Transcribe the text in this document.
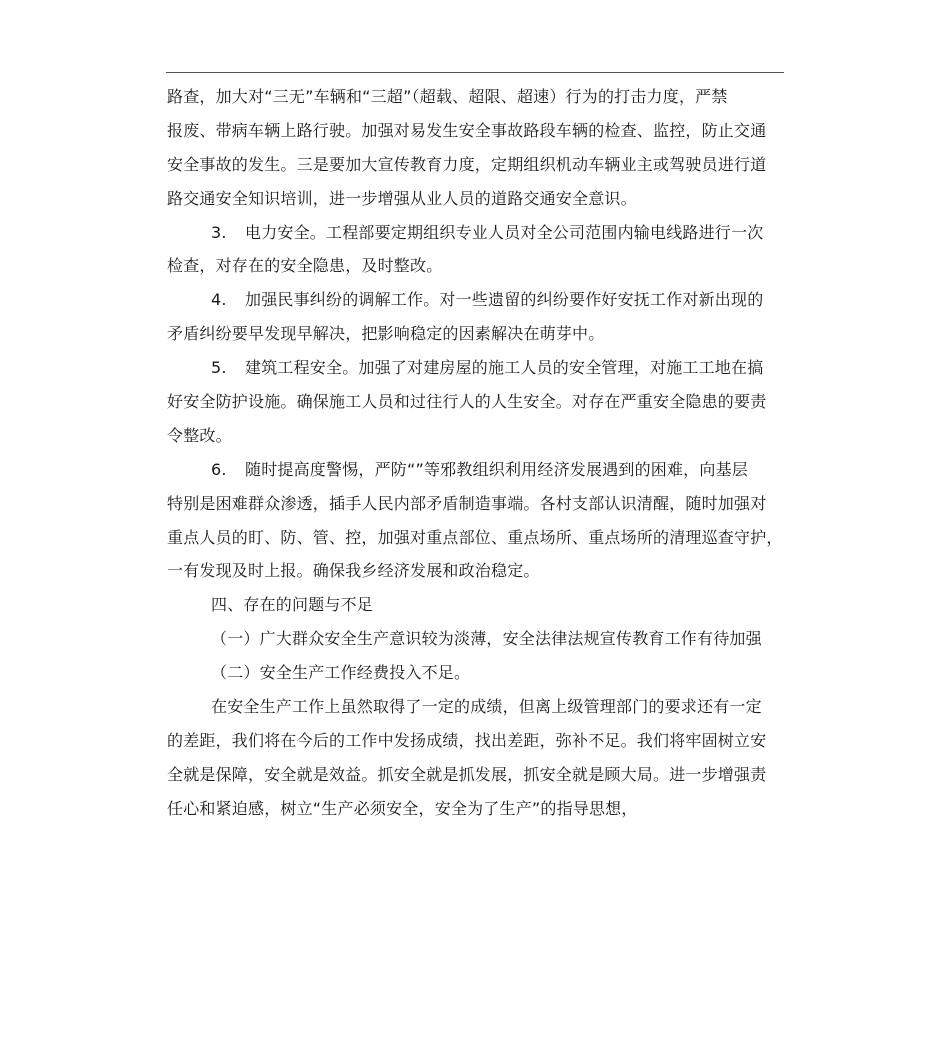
路查，加大对“三无”车辆和“三超”（超载、超限、超速）行为的打击力度，严禁
报废、带病车辆上路行驶。加强对易发生安全事故路段车辆的检查、监控，防止交通
安全事故的发生。三是要加大宣传教育力度，定期组织机动车辆业主或驾驶员进行道
路交通安全知识培训，进一步增强从业人员的道路交通安全意识。
3. 电力安全。工程部要定期组织专业人员对全公司范围内输电线路进行一次
检查，对存在的安全隐患，及时整改。
4. 加强民事纠纷的调解工作。对一些遗留的纠纷要作好安抚工作对新出现的
矛盾纠纷要早发现早解决，把影响稳定的因素解决在萌芽中。
5. 建筑工程安全。加强了对建房屋的施工人员的安全管理，对施工工地在搞
好安全防护设施。确保施工人员和过往行人的人生安全。对存在严重安全隐患的要责
令整改。
6. 随时提高度警惕，严防“”等邪教组织利用经济发展遇到的困难，向基层
特别是困难群众渗透，插手人民内部矛盾制造事端。各村支部认识清醒，随时加强对
重点人员的盯、防、管、控，加强对重点部位、重点场所、重点场所的清理巡查守护，
一有发现及时上报。确保我乡经济发展和政治稳定。
四、存在的问题与不足
（一）广大群众安全生产意识较为淡薄，安全法律法规宣传教育工作有待加强
（二）安全生产工作经费投入不足。
在安全生产工作上虽然取得了一定的成绩，但离上级管理部门的要求还有一定
的差距，我们将在今后的工作中发扬成绩，找出差距，弥补不足。我们将牢固树立安
全就是保障，安全就是效益。抓安全就是抓发展，抓安全就是顾大局。进一步增强责
任心和紧迫感，树立“生产必须安全，安全为了生产”的指导思想，
